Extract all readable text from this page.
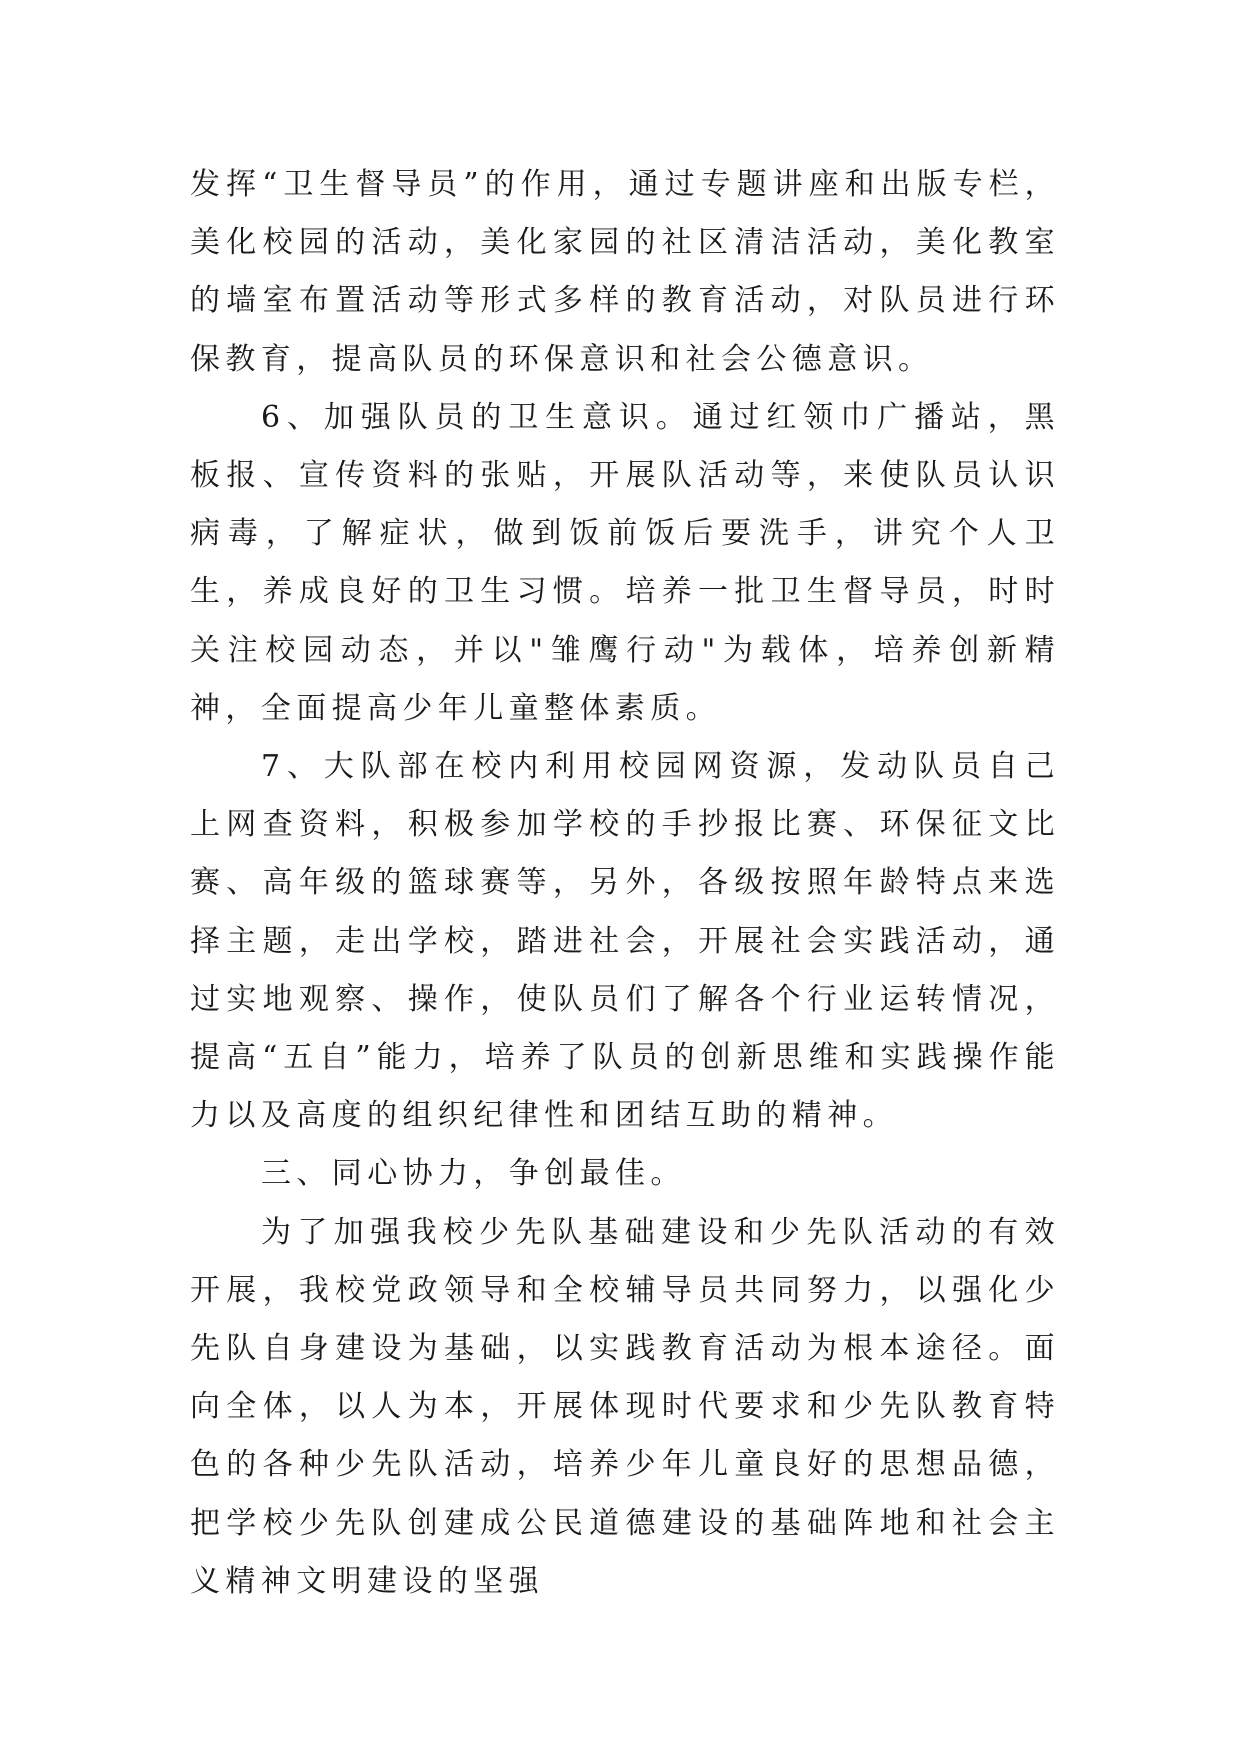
发挥“卫生督导员”的作用，通过专题讲座和出版专栏，美化校园的活动，美化家园的社区清洁活动，美化教室的墙室布置活动等形式多样的教育活动，对队员进行环保教育，提高队员的环保意识和社会公德意识。

6、加强队员的卫生意识。通过红领巾广播站，黑板报、宣传资料的张贴，开展队活动等，来使队员认识病毒，了解症状，做到饭前饭后要洗手，讲究个人卫生，养成良好的卫生习惯。培养一批卫生督导员，时时关注校园动态，并以"雏鹰行动"为载体，培养创新精神，全面提高少年儿童整体素质。

7、大队部在校内利用校园网资源，发动队员自己上网查资料，积极参加学校的手抄报比赛、环保征文比赛、高年级的篮球赛等，另外，各级按照年龄特点来选择主题，走出学校，踏进社会，开展社会实践活动，通过实地观察、操作，使队员们了解各个行业运转情况，提高“五自”能力，培养了队员的创新思维和实践操作能力以及高度的组织纪律性和团结互助的精神。

三、同心协力，争创最佳。

为了加强我校少先队基础建设和少先队活动的有效开展，我校党政领导和全校辅导员共同努力，以强化少先队自身建设为基础，以实践教育活动为根本途径。面向全体，以人为本，开展体现时代要求和少先队教育特色的各种少先队活动，培养少年儿童良好的思想品德，把学校少先队创建成公民道德建设的基础阵地和社会主义精神文明建设的坚强
